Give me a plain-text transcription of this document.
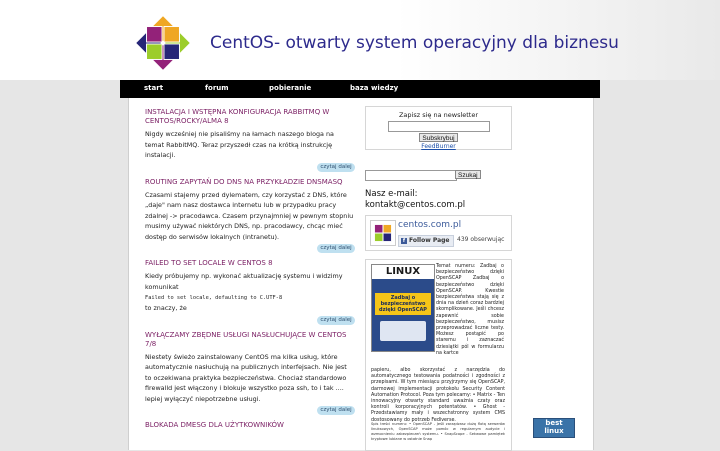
CentOS- otwarty system operacyjny dla biznesu
start	forum	pobieranie	baza wiedzy
INSTALACJA I WSTĘPNA KONFIGURACJA RABBITMQ W CENTOS/ROCKY/ALMA 8
Nigdy wcześniej nie pisaliśmy na łamach naszego bloga na temat RabbitMQ. Teraz przyszedł czas na krótką instrukcję instalacji.
czytaj dalej
ROUTING ZAPYTAŃ DO DNS NA PRZYKŁADZIE DNSMASQ
Czasami stajemy przed dylematem, czy korzystać z DNS, które „daje" nam nasz dostawca internetu lub w przypadku pracy zdalnej -> pracodawca. Czasem przynajmniej w pewnym stopniu musimy używać niektórych DNS, np. pracodawcy, chcąc mieć dostęp do serwisów lokalnych (intranetu).
czytaj dalej
FAILED TO SET LOCALE W CENTOS 8
Kiedy próbujemy np. wykonać aktualizację systemu i widzimy komunikat
Failed to set locale, defaulting to C.UTF-8
to znaczy, że
czytaj dalej
WYŁĄCZAMY ZBĘDNE USŁUGI NASŁUCHUJĄCE W CENTOS 7/8
Niestety świeżo zainstalowany CentOS ma kilka usług, które automatycznie nasłuchują na publicznych interfejsach. Nie jest to oczekiwana praktyka bezpieczeństwa. Chociaż standardowo firewalld jest włączony i blokuje wszystko poza ssh, to i tak .... lepiej wyłączyć niepotrzebne usługi.
czytaj dalej
BLOKADA DMESG DLA UŻYTKOWNIKÓW
Zapisz się na newsletter
Subskrybuj
FeedBurner
Szukaj
Nasz e-mail:
kontakt@centos.com.pl
centos.com.pl
f Follow Page	439 obserwując
LINUX
Zadbaj o bezpieczeństwo dzięki OpenSCAP
Temat numeru: Zadbaj o bezpieczeństwo dzięki OpenSCAP Zadbaj o bezpieczeństwo dzięki OpenSCAP. Kwestie bezpieczeństwa stają się z dnia na dzień coraz bardziej skomplikowane. Jeśli chcesz zapewnić sobie bezpieczeństwo, musisz przeprowadzać liczne testy. Możesz postąpić po staremu i zaznaczać dziesiątki pól w formularzu na kartce
papieru, albo skorzystać z narzędzia do automatycznego testowania podatności i zgodności z przepisami. W tym miesiącu przyjrzymy się OpenSCAP, darmowej implementacji protokołu Security Content Automation Protocol. Poza tym polecamy: • Matrix - Ten innowacyjny otwarty standard uważnia czaty oraz kontroli korporacyjnych potentatów. • Ghost - Przedstawiamy mały i wszechstronny system CMS dostosowany do potrzeb Fediverse.
Spis treści numeru: • OpenSCAP - Jeśli zarządzasz dużą flotą serwerów linuksowych, OpenSCAP może pomóc w regularnym audycie i wzmocnieniu zabezpieczeń systemu. • SnapScope - Sekwowe pamiętek kryptowe lubiane w ostatnie Snap
best
linux
